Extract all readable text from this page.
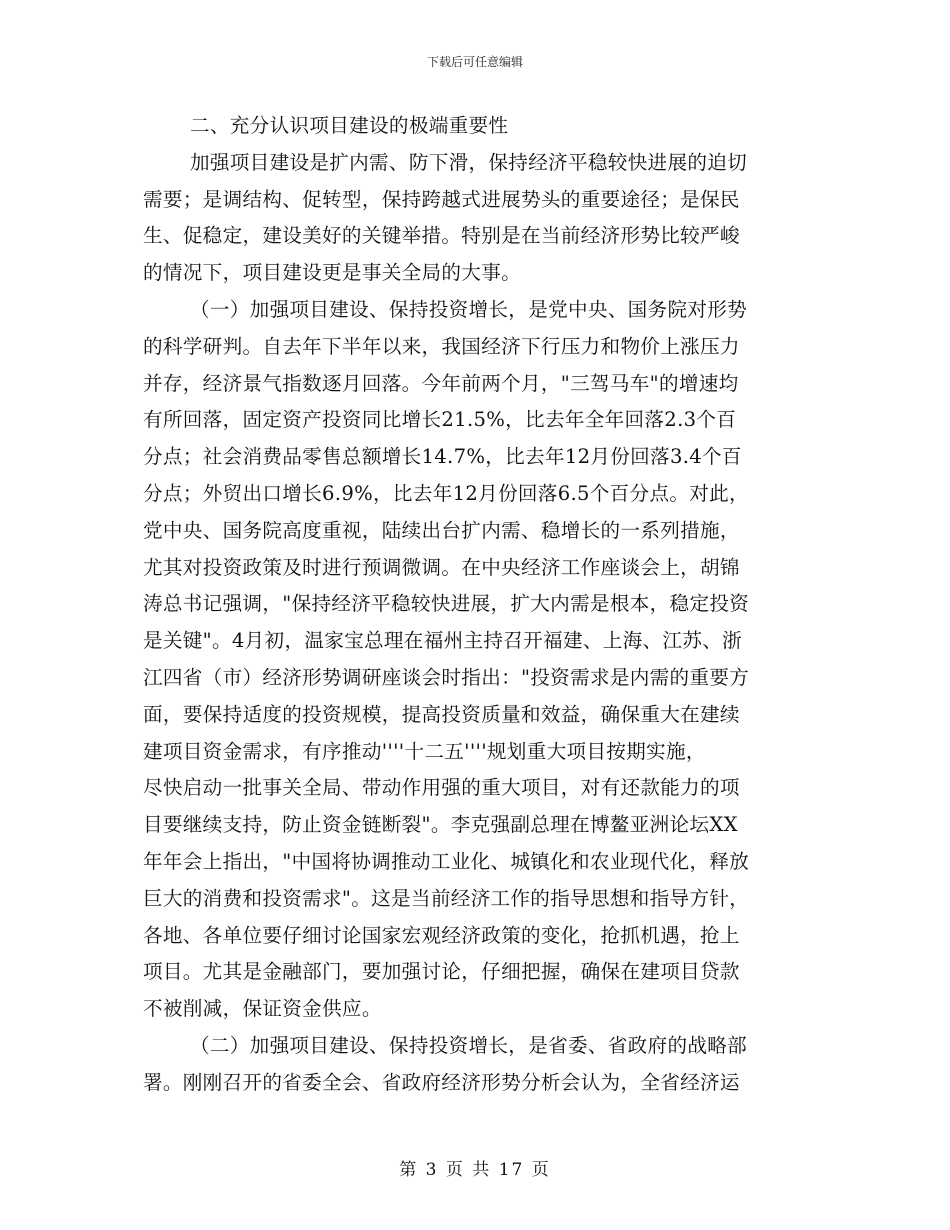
下载后可任意编辑
二、充分认识项目建设的极端重要性
加强项目建设是扩内需、防下滑，保持经济平稳较快进展的迫切
需要；是调结构、促转型，保持跨越式进展势头的重要途径；是保民
生、促稳定，建设美好的关键举措。特别是在当前经济形势比较严峻
的情况下，项目建设更是事关全局的大事。
（一）加强项目建设、保持投资增长，是党中央、国务院对形势
的科学研判。自去年下半年以来，我国经济下行压力和物价上涨压力
并存，经济景气指数逐月回落。今年前两个月，"三驾马车"的增速均
有所回落，固定资产投资同比增长21.5%，比去年全年回落2.3个百
分点；社会消费品零售总额增长14.7%，比去年12月份回落3.4个百
分点；外贸出口增长6.9%，比去年12月份回落6.5个百分点。对此，
党中央、国务院高度重视，陆续出台扩内需、稳增长的一系列措施，
尤其对投资政策及时进行预调微调。在中央经济工作座谈会上，胡锦
涛总书记强调，"保持经济平稳较快进展，扩大内需是根本，稳定投资
是关键"。4月初，温家宝总理在福州主持召开福建、上海、江苏、浙
江四省（市）经济形势调研座谈会时指出："投资需求是内需的重要方
面，要保持适度的投资规模，提高投资质量和效益，确保重大在建续
建项目资金需求，有序推动''''十二五''''规划重大项目按期实施，
尽快启动一批事关全局、带动作用强的重大项目，对有还款能力的项
目要继续支持，防止资金链断裂"。李克强副总理在博鳌亚洲论坛XX
年年会上指出，"中国将协调推动工业化、城镇化和农业现代化，释放
巨大的消费和投资需求"。这是当前经济工作的指导思想和指导方针，
各地、各单位要仔细讨论国家宏观经济政策的变化，抢抓机遇，抢上
项目。尤其是金融部门，要加强讨论，仔细把握，确保在建项目贷款
不被削减，保证资金供应。
（二）加强项目建设、保持投资增长，是省委、省政府的战略部
署。刚刚召开的省委全会、省政府经济形势分析会认为，全省经济运
第 3 页 共 17 页
